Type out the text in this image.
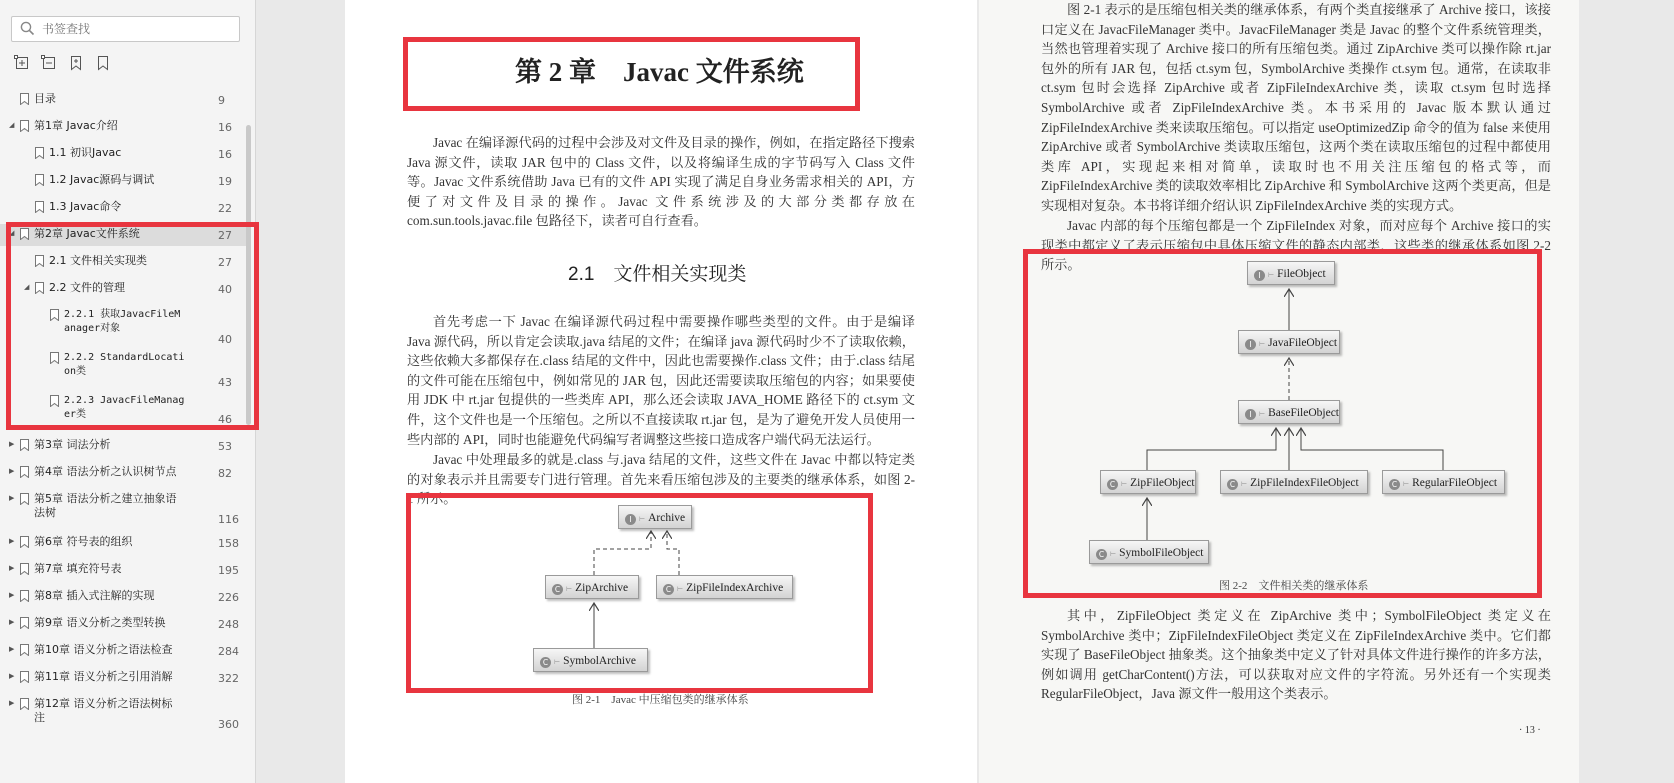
书签查找
目录	9
◢ 第1章 Javac介绍	16
1.1 初识Javac	16
1.2 Javac源码与调试	19
1.3 Javac命令	22
◢ 第2章 Javac文件系统	27
2.1 文件相关实现类	27
◢ 2.2 文件的管理	40
2.2.1 获取JavacFileM
anager对象
40
2.2.2 StandardLocati
on类
43
2.2.3 JavacFileManag
er类	46
▶ 第3章 词法分析	53
▶ 第4章 语法分析之认识树节点	82
▶ 第5章 语法分析之建立抽象语
法树
116
▶ 第6章 符号表的组织	158
▶ 第7章 填充符号表	195
▶ 第8章 插入式注解的实现	226
▶ 第9章 语义分析之类型转换	248
▶ 第10章 语义分析之语法检查	284
▶ 第11章 语义分析之引用消解	322
▶ 第12章 语义分析之语法树标
注
360
第 2 章　Javac 文件系统

Javac 在编译源代码的过程中会涉及对文件及目录的操作，例如，在指定路径下搜索 Java 源文件，读取 JAR 包中的 Class 文件，以及将编译生成的字节码写入 Class 文件等。Javac 文件系统借助 Java 已有的文件 API 实现了满足自身业务需求相关的 API，方便了对文件及目录的操作。Javac 文件系统涉及的大部分类都存放在 com.sun.tools.javac.file 包路径下，读者可自行查看。

2.1　文件相关实现类

首先考虑一下 Javac 在编译源代码过程中需要操作哪些类型的文件。由于是编译 Java 源代码，所以肯定会读取.java 结尾的文件；在编译 java 源代码时少不了读取依赖，这些依赖大多都保存在.class 结尾的文件中，因此也需要操作.class 文件；由于.class 结尾的文件可能在压缩包中，例如常见的 JAR 包，因此还需要读取压缩包的内容；如果要使用 JDK 中 rt.jar 包提供的一些类库 API，那么还会读取 JAVA_HOME 路径下的 ct.sym 文件，这个文件也是一个压缩包。之所以不直接读取 rt.jar 包，是为了避免开发人员使用一些内部的 API，同时也能避免代码编写者调整这些接口造成客户端代码无法运行。

Javac 中处理最多的就是.class 与.java 结尾的文件，这些文件在 Javac 中都以特定类的对象表示并且需要专门进行管理。首先来看压缩包涉及的主要类的继承体系，如图 2-1 所示。

I ⊢ Archive
C ⊢ ZipArchive	C ⊢ ZipFileIndexArchive
C ⊢ SymbolArchive
图 2-1　Javac 中压缩包类的继承体系

图 2-1 表示的是压缩包相关类的继承体系，有两个类直接继承了 Archive 接口，该接口定义在 JavacFileManager 类中。JavacFileManager 类是 Javac 的整个文件系统管理类，当然也管理着实现了 Archive 接口的所有压缩包类。通过 ZipArchive 类可以操作除 rt.jar 包外的所有 JAR 包，包括 ct.sym 包，SymbolArchive 类操作 ct.sym 包。通常，在读取非 ct.sym 包时会选择 ZipArchive 或者 ZipFileIndexArchive 类，读取 ct.sym 包时选择 SymbolArchive 或者 ZipFileIndexArchive 类。本书采用的 Javac 版本默认通过 ZipFileIndexArchive 类来读取压缩包。可以指定 useOptimizedZip 命令的值为 false 来使用 ZipArchive 或者 SymbolArchive 类读取压缩包，这两个类在读取压缩包的过程中都使用类库 API，实现起来相对简单，读取时也不用关注压缩包的格式等，而 ZipFileIndexArchive 类的读取效率相比 ZipArchive 和 SymbolArchive 这两个类更高，但是实现相对复杂。本书将详细介绍认识 ZipFileIndexArchive 类的实现方式。

Javac 内部的每个压缩包都是一个 ZipFileIndex 对象，而对应每个 Archive 接口的实现类中都定义了表示压缩包中具体压缩文件的静态内部类，这些类的继承体系如图 2-2 所示。

I ⊢ FileObject
I ⊢ JavaFileObject
I ⊢ BaseFileObject
C ⊢ ZipFileObject	C ⊢ ZipFileIndexFileObject	C ⊢ RegularFileObject
C ⊢ SymbolFileObject
图 2-2　文件相关类的继承体系

其中，ZipFileObject 类定义在 ZipArchive 类中；SymbolFileObject 类定义在 SymbolArchive 类中；ZipFileIndexFileObject 类定义在 ZipFileIndexArchive 类中。它们都实现了 BaseFileObject 抽象类。这个抽象类中定义了针对具体文件进行操作的许多方法，例如调用 getCharContent()方法，可以获取对应文件的字符流。另外还有一个实现类 RegularFileObject，Java 源文件一般用这个类表示。

· 13 ·
